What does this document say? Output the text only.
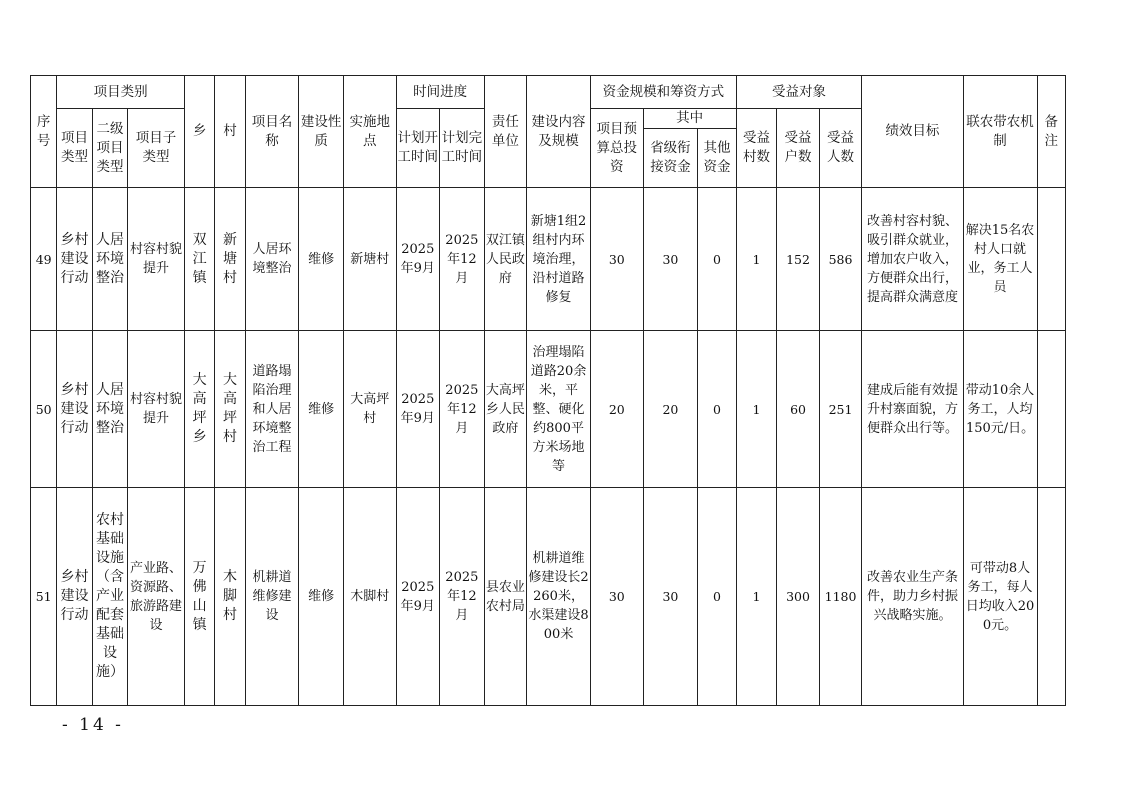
序号	项目类别			乡	村	项目名称	建设性质	实施地点	时间进度		责任单位	建设内容及规模	资金规模和筹资方式			受益对象			绩效目标	联农带农机制	备注
	项目类型	二级项目类型	项目子类型						计划开工时间	计划完工时间			项目预算总投资	其中		受益村数	受益户数	受益人数			
														省级衔接资金	其他资金						
49	乡村建设行动	人居环境整治	村容村貌提升	双江镇	新塘村	人居环境整治	维修	新塘村	2025年9月	2025年12月	双江镇人民政府	新塘1组2组村内环境治理，沿村道路修复	30	30	0	1	152	586	改善村容村貌、吸引群众就业，增加农户收入，方便群众出行，提高群众满意度	解决15名农村人口就业，务工人员	
50	乡村建设行动	人居环境整治	村容村貌提升	大高坪乡	大高坪村	道路塌陷治理和人居环境整治工程	维修	大高坪村	2025年9月	2025年12月	大高坪乡人民政府	治理塌陷道路20余米，平整、硬化约800平方米场地等	20	20	0	1	60	251	建成后能有效提升村寨面貌，方便群众出行等。	带动10余人务工，人均150元/日。	
51	乡村建设行动	农村基础设施（含产业配套基础设施）	产业路、资源路、旅游路建设	万佛山镇	木脚村	机耕道维修建设	维修	木脚村	2025年9月	2025年12月	县农业农村局	机耕道维修建设长2260米，水渠建设800米	30	30	0	1	300	1180	改善农业生产条件，助力乡村振兴战略实施。	可带动8人务工，每人日均收入200元。	
- 14 -
